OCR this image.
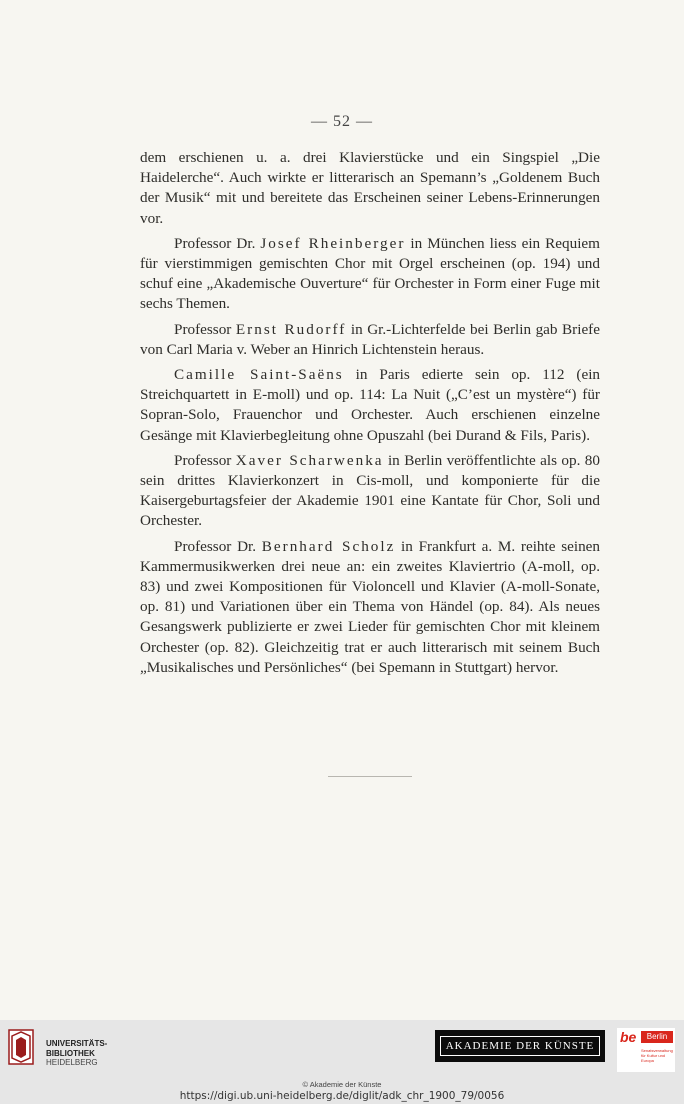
— 52 —

dem erschienen u. a. drei Klavierstücke und ein Singspiel „Die Haidelerche“. Auch wirkte er litterarisch an Spemann’s „Goldenem Buch der Musik“ mit und bereitete das Erscheinen seiner Lebens-Erinnerungen vor.

Professor Dr. Josef Rheinberger in München liess ein Requiem für vierstimmigen gemischten Chor mit Orgel erscheinen (op. 194) und schuf eine „Akademische Ouverture“ für Orchester in Form einer Fuge mit sechs Themen.

Professor Ernst Rudorff in Gr.-Lichterfelde bei Berlin gab Briefe von Carl Maria v. Weber an Hinrich Lichtenstein heraus.

Camille Saint-Saëns in Paris edierte sein op. 112 (ein Streichquartett in E-moll) und op. 114: La Nuit („C’est un mystère“) für Sopran-Solo, Frauenchor und Orchester. Auch erschienen einzelne Gesänge mit Klavierbegleitung ohne Opuszahl (bei Durand & Fils, Paris).

Professor Xaver Scharwenka in Berlin veröffentlichte als op. 80 sein drittes Klavierkonzert in Cis-moll, und komponierte für die Kaisergeburtagsfeier der Akademie 1901 eine Kantate für Chor, Soli und Orchester.

Professor Dr. Bernhard Scholz in Frankfurt a. M. reihte seinen Kammermusikwerken drei neue an: ein zweites Klaviertrio (A-moll, op. 83) und zwei Kompositionen für Violoncell und Klavier (A-moll-Sonate, op. 81) und Variationen über ein Thema von Händel (op. 84). Als neues Gesangswerk publizierte er zwei Lieder für gemischten Chor mit kleinem Orchester (op. 82). Gleichzeitig trat er auch litterarisch mit seinem Buch „Musikalisches und Persönliches“ (bei Spemann in Stuttgart) hervor.

UNIVERSITÄTS-
BIBLIOTHEK
HEIDELBERG
AKADEMIE DER KÜNSTE
be	Berlin
Senatsverwaltung für Kultur und Europa
© Akademie der Künste
https://digi.ub.uni-heidelberg.de/diglit/adk_chr_1900_79/0056
